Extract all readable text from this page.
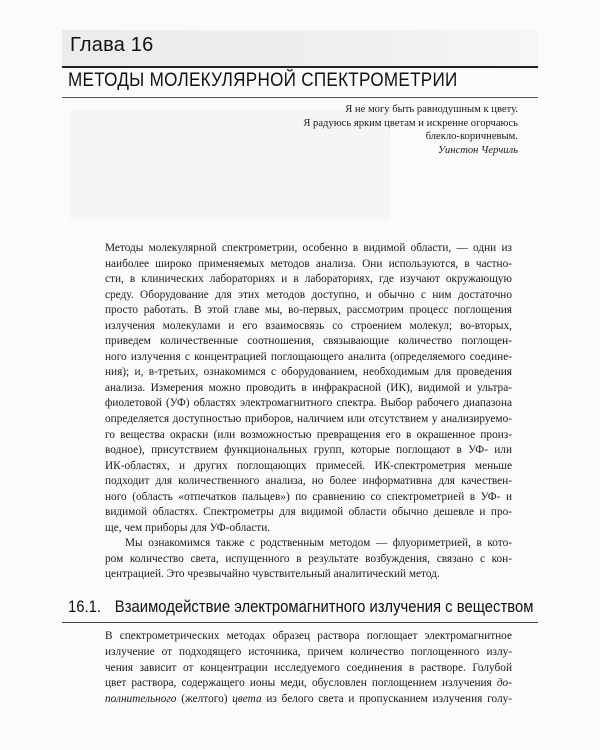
Глава 16
МЕТОДЫ МОЛЕКУЛЯРНОЙ СПЕКТРОМЕТРИИ
Я не могу быть равнодушным к цвету.
Я радуюсь ярким цветам и искренне огорчаюсь
блекло-коричневым.
Уинстон Черчиль
Методы молекулярной спектрометрии, особенно в видимой области, — одни из
наиболее широко применяемых методов анализа. Они используются, в частно-
сти, в клинических лабораториях и в лабораториях, где изучают окружающую
среду. Оборудование для этих методов доступно, и обычно с ним достаточно
просто работать. В этой главе мы, во-первых, рассмотрим процесс поглощения
излучения молекулами и его взаимосвязь со строением молекул; во-вторых,
приведем количественные соотношения, связывающие количество поглощен-
ного излучения с концентрацией поглощающего аналита (определяемого соедине-
ния); и, в-третьих, ознакомимся с оборудованием, необходимым для проведения
анализа. Измерения можно проводить в инфракрасной (ИК), видимой и ультра-
фиолетовой (УФ) областях электромагнитного спектра. Выбор рабочего диапазона
определяется доступностью приборов, наличием или отсутствием у анализируемо-
го вещества окраски (или возможностью превращения его в окрашенное произ-
водное), присутствием функциональных групп, которые поглощают в УФ- или
ИК-областях, и других поглощающих примесей. ИК-спектрометрия меньше
подходит для количественного анализа, но более информативна для качествен-
ного (область «отпечатков пальцев») по сравнению со спектрометрией в УФ- и
видимой областях. Спектрометры для видимой области обычно дешевле и про-
ще, чем приборы для УФ-области.
Мы ознакомимся также с родственным методом — флуориметрией, в кото-
ром количество света, испущенного в результате возбуждения, связано с кон-
центрацией. Это чрезвычайно чувствительный аналитический метод.
16.1. Взаимодействие электромагнитного излучения с веществом
В спектрометрических методах образец раствора поглощает электромагнитное
излучение от подходящего источника, причем количество поглощенного излу-
чения зависит от концентрации исследуемого соединения в растворе. Голубой
цвет раствора, содержащего ионы меди, обусловлен поглощением излучения до-
полнительного (желтого) цвета из белого света и пропусканием излучения голу-
